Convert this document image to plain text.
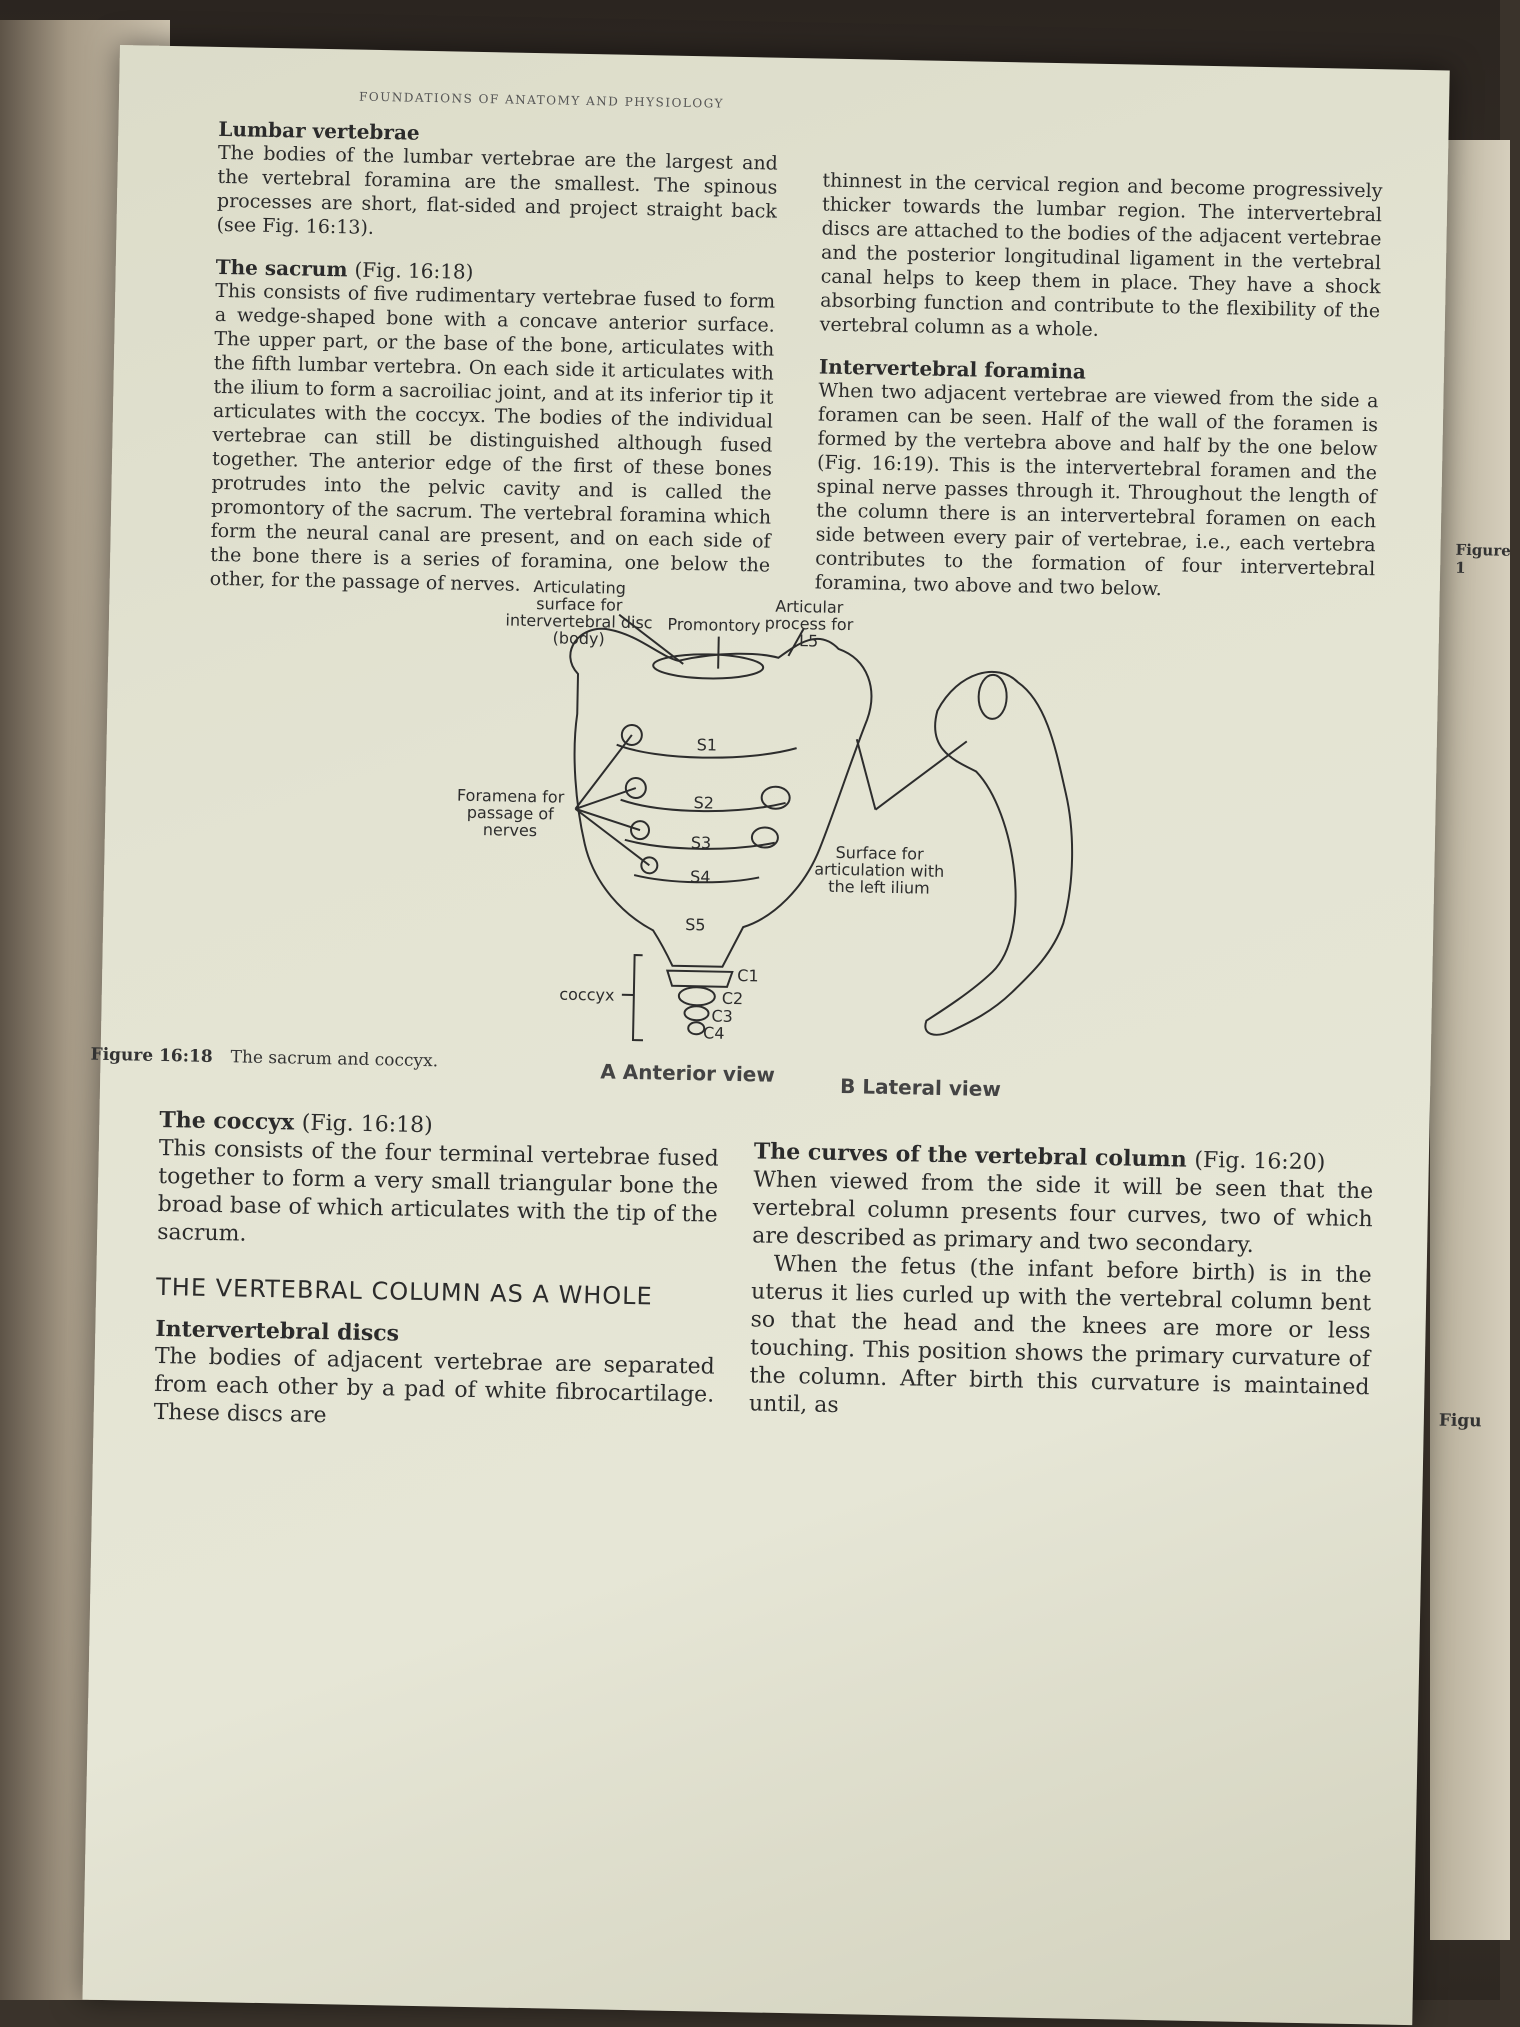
FOUNDATIONS OF ANATOMY AND PHYSIOLOGY
Lumbar vertebrae

The bodies of the lumbar vertebrae are the largest and the vertebral foramina are the smallest. The spinous processes are short, flat-sided and project straight back (see Fig. 16:13).

The sacrum (Fig. 16:18)

This consists of five rudimentary vertebrae fused to form a wedge-shaped bone with a concave anterior surface. The upper part, or the base of the bone, articulates with the fifth lumbar vertebra. On each side it articulates with the ilium to form a sacroiliac joint, and at its inferior tip it articulates with the coccyx. The bodies of the individual vertebrae can still be distinguished although fused together. The anterior edge of the first of these bones protrudes into the pelvic cavity and is called the promontory of the sacrum. The vertebral foramina which form the neural canal are present, and on each side of the bone there is a series of foramina, one below the other, for the passage of nerves.

thinnest in the cervical region and become progressively thicker towards the lumbar region. The intervertebral discs are attached to the bodies of the adjacent vertebrae and the posterior longitudinal ligament in the vertebral canal helps to keep them in place. They have a shock absorbing function and contribute to the flexibility of the vertebral column as a whole.

Intervertebral foramina

When two adjacent vertebrae are viewed from the side a foramen can be seen. Half of the wall of the foramen is formed by the vertebra above and half by the one below (Fig. 16:19). This is the intervertebral foramen and the spinal nerve passes through it. Throughout the length of the column there is an intervertebral foramen on each side between every pair of vertebrae, i.e., each vertebra contributes to the formation of four intervertebral foramina, two above and two below.

Figure 1
Figu
Articulating surface for intervertebral disc (body)
Promontory
Articular process for L5
Foramena for passage of nerves
Surface for articulation with the left ilium
coccyx
S1
S2
S3
S4
S5
C1
C2
C3
C4
A Anterior view
B Lateral view
Figure 16:18 The sacrum and coccyx.
The coccyx (Fig. 16:18)

This consists of the four terminal vertebrae fused together to form a very small triangular bone the broad base of which articulates with the tip of the sacrum.

THE VERTEBRAL COLUMN AS A WHOLE
Intervertebral discs

The bodies of adjacent vertebrae are separated from each other by a pad of white fibrocartilage. These discs are

The curves of the vertebral column (Fig. 16:20)

When viewed from the side it will be seen that the vertebral column presents four curves, two of which are described as primary and two secondary.

When the fetus (the infant before birth) is in the uterus it lies curled up with the vertebral column bent so that the head and the knees are more or less touching. This position shows the primary curvature of the column. After birth this curvature is maintained until, as
